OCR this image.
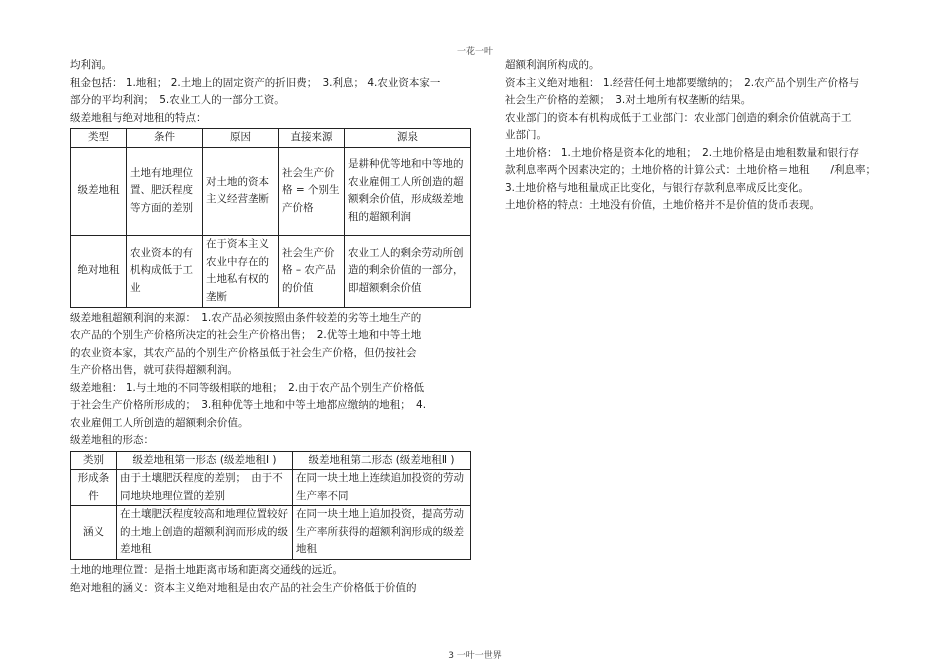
一花一叶

均利润。

租金包括： 1.地租； 2.土地上的固定资产的折旧费；　3.利息； 4.农业资本家一

部分的平均利润；　5.农业工人的一部分工资。

级差地租与绝对地租的特点：

类型	条件	原因	直接来源	源泉
级差地租	土地有地理位置、肥沃程度等方面的差别	对土地的资本主义经营垄断	社会生产价格 = 个别生产价格	是耕种优等地和中等地的农业雇佣工人所创造的超额剩余价值，形成级差地租的超额利润
绝对地租	农业资本的有机构成低于工业	在于资本主义农业中存在的土地私有权的垄断	社会生产价格 – 农产品的价值	农业工人的剩余劳动所创造的剩余价值的一部分， 即超额剩余价值

级差地租超额利润的来源：　1.农产品必须按照由条件较差的劣等土地生产的

农产品的个别生产价格所决定的社会生产价格出售；　2.优等土地和中等土地

的农业资本家，其农产品的个别生产价格虽低于社会生产价格，但仍按社会

生产价格出售，就可获得超额利润。

级差地租： 1.与土地的不同等级相联的地租；　2.由于农产品个别生产价格低

于社会生产价格所形成的；　3.租种优等土地和中等土地都应缴纳的地租；　4.

农业雇佣工人所创造的超额剩余价值。

级差地租的形态：

类别	级差地租第一形态 (级差地租Ⅰ )	级差地租第二形态 (级差地租Ⅱ )
形成条件	由于土壤肥沃程度的差别；　由于不同地块地理位置的差别	在同一块土地上连续追加投资的劳动生产率不同
涵义	在土壤肥沃程度较高和地理位置较好的土地上创造的超额利润而形成的级差地租	在同一块土地上追加投资，提高劳动生产率所获得的超额利润形成的级差地租

土地的地理位置：是指土地距离市场和距离交通线的远近。

绝对地租的涵义：资本主义绝对地租是由农产品的社会生产价格低于价值的

超额利润所构成的。

资本主义绝对地租： 1.经营任何土地都要缴纳的；　2.农产品个别生产价格与

社会生产价格的差额；　3.对土地所有权垄断的结果。

农业部门的资本有机构成低于工业部门：农业部门创造的剩余价值就高于工

业部门。

土地价格： 1.土地价格是资本化的地租；　2.土地价格是由地租数量和银行存

款利息率两个因素决定的；土地价格的计算公式：土地价格＝地租　　/利息率；

3.土地价格与地租量成正比变化，与银行存款利息率成反比变化。

土地价格的特点：土地没有价值，土地价格并不是价值的货币表现。

3 一叶一世界
